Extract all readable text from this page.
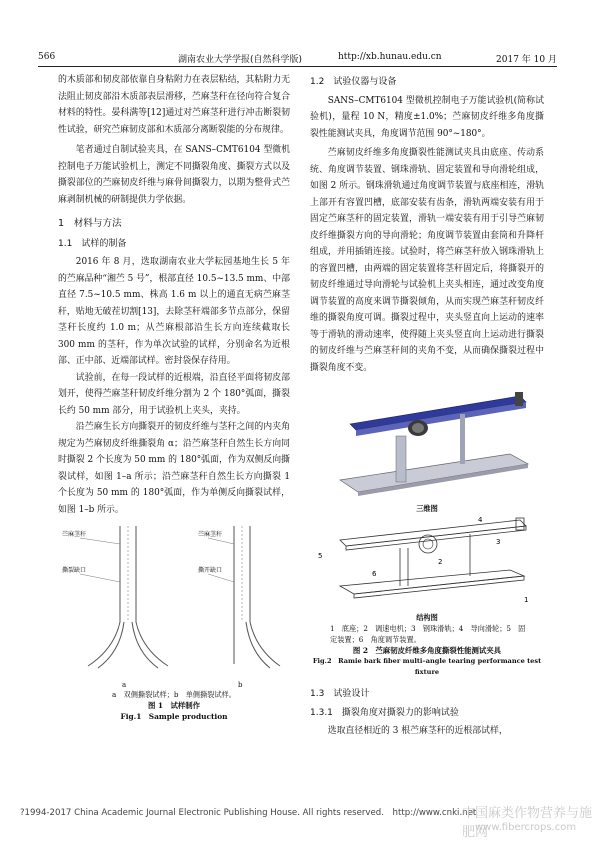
566	湖南农业大学学报(自然科学版)	http://xb.hunau.edu.cn	2017 年 10 月

的木质部和韧皮部依靠自身粘附力在表层粘结，其粘附力无法阻止韧皮部沿木质部表层滑移，苎麻茎秆在径向符合复合材料的特性。晏科满等[12]通过对苎麻茎秆进行冲击断裂韧性试验，研究苎麻韧皮部和木质部分离断裂能的分布规律。

笔者通过自制试验夹具，在 SANS–CMT6104 型微机控制电子万能试验机上，测定不同撕裂角度、撕裂方式以及撕裂部位的苎麻韧皮纤维与麻骨间撕裂力，以期为整骨式苎麻剥制机械的研制提供力学依据。

1　材料与方法
1.1　试样的制备

2016 年 8 月，选取湖南农业大学耘园基地生长 5 年的苎麻品种“湘苎 5 号”，根部直径 10.5~13.5 mm、中部直径 7.5~10.5 mm、株高 1.6 m 以上的通直无病苎麻茎秆，贴地无破茬切割[13]，去除茎秆端部多节点部分，保留茎秆长度约 1.0 m；从苎麻根部沿生长方向连续截取长 300 mm 的茎秆，作为单次试验的试样，分别命名为近根部、正中部、近端部试样。密封袋保存待用。

试验前，在每一段试样的近根端，沿直径平面将韧皮部划开，使得苎麻茎秆韧皮纤维分割为 2 个 180°弧面，撕裂长约 50 mm 部分，用于试验机上夹头，夹持。

沿苎麻生长方向撕裂开的韧皮纤维与茎秆之间的内夹角规定为苎麻韧皮纤维撕裂角 α；沿苎麻茎秆自然生长方向同时撕裂 2 个长度为 50 mm 的 180°弧面，作为双侧反向撕裂试样，如图 1–a 所示；沿苎麻茎秆自然生长方向撕裂 1 个长度为 50 mm 的 180°弧面，作为单侧反向撕裂试样，如图 1–b 所示。

苎麻茎秆
撕裂缺口
苎麻茎秆
撕开缺口
a	b
a　双侧撕裂试样；b　单侧撕裂试样。
图 1　试样制作
Fig.1　Sample production
1.2　试验仪器与设备

SANS–CMT6104 型微机控制电子万能试验机(简称试验机)，量程 10 N，精度±1.0%；苎麻韧皮纤维多角度撕裂性能测试夹具，角度调节范围 90°~180°。

苎麻韧皮纤维多角度撕裂性能测试夹具由底座、传动系统、角度调节装置、钢珠滑轨、固定装置和导向滑轮组成，如图 2 所示。钢珠滑轨通过角度调节装置与底座相连，滑轨上部开有容置凹槽，底部安装有齿条，滑轨两端安装有用于固定苎麻茎秆的固定装置，滑轨一端安装有用于引导苎麻韧皮纤维撕裂方向的导向滑轮；角度调节装置由套筒和升降杆组成，并用插销连接。试验时，将苎麻茎秆放入钢珠滑轨上的容置凹槽，由两端的固定装置将茎秆固定后，将撕裂开的韧皮纤维通过导向滑轮与试验机上夹头相连，通过改变角度调节装置的高度来调节撕裂倾角，从而实现苎麻茎秆韧皮纤维的撕裂角度可调。撕裂过程中，夹头竖直向上运动的速率等于滑轨的滑动速率，使得随上夹头竖直向上运动进行撕裂的韧皮纤维与苎麻茎秆间的夹角不变，从而确保撕裂过程中撕裂角度不变。

三维图
5
6
2
4
3
1
结构图
1　底座；2　调速电机；3　钢珠滑轨；4　导向滑轮；5　固
定装置；6　角度调节装置。
图 2　苎麻韧皮纤维多角度撕裂性能测试夹具
Fig.2　Ramie bark fiber multi–angle tearing performance test fixture
1.3　试验设计
1.3.1　撕裂角度对撕裂力的影响试验

选取直径相近的 3 根苎麻茎秆的近根部试样，

?1994-2017 China Academic Journal Electronic Publishing House. All rights reserved.　http://www.cnki.net
中国麻类作物营养与施肥网
www.fibercrops.com
